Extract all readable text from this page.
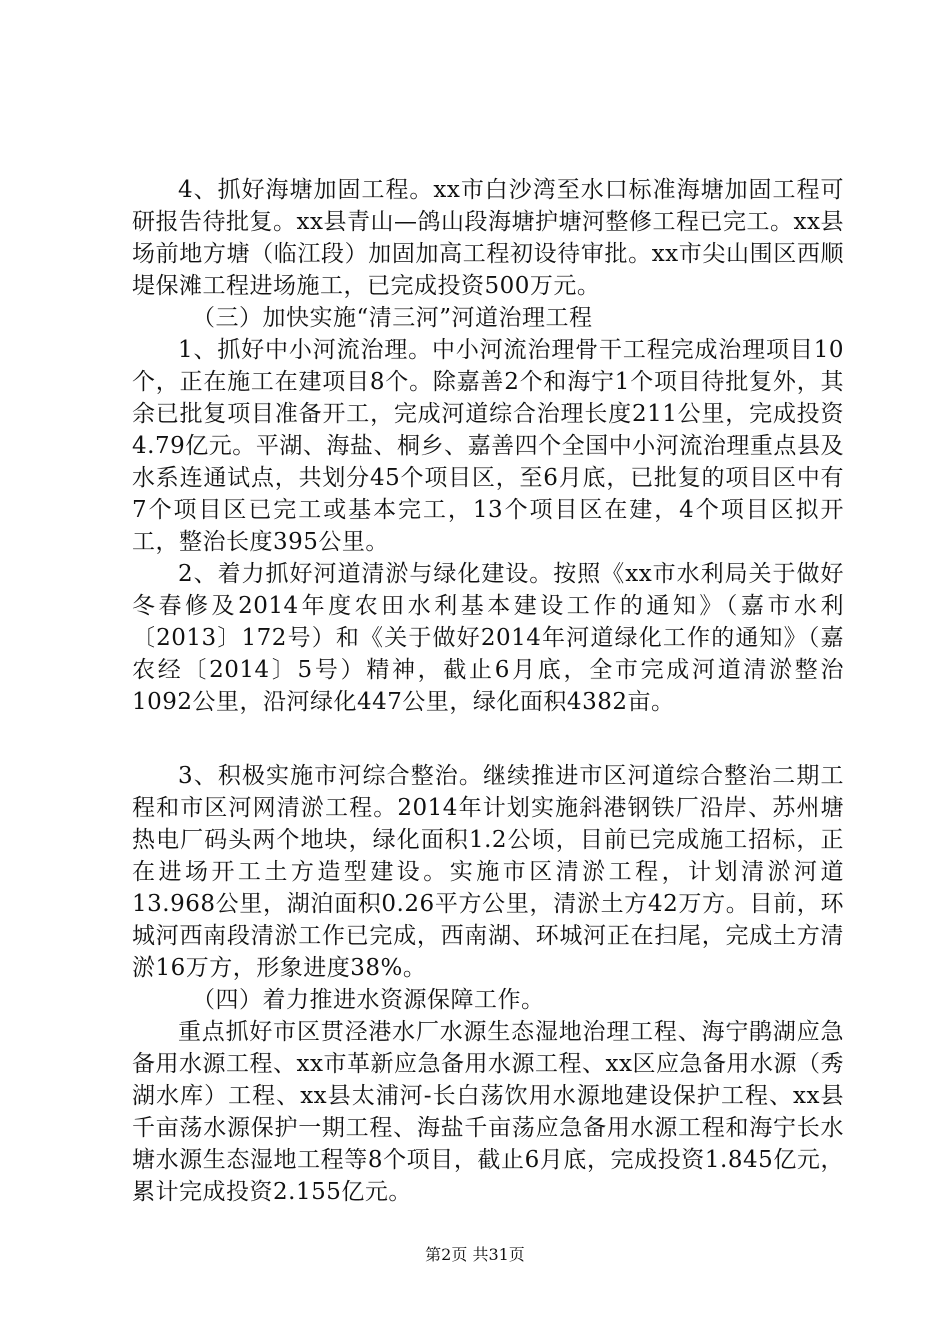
4、抓好海塘加固工程。xx市白沙湾至水口标准海塘加固工程可研报告待批复。xx县青山—鸽山段海塘护塘河整修工程已完工。xx县场前地方塘（临江段）加固加高工程初设待审批。xx市尖山围区西顺堤保滩工程进场施工，已完成投资500万元。

（三）加快实施“清三河”河道治理工程

1、抓好中小河流治理。中小河流治理骨干工程完成治理项目10个，正在施工在建项目8个。除嘉善2个和海宁1个项目待批复外，其余已批复项目准备开工，完成河道综合治理长度211公里，完成投资4.79亿元。平湖、海盐、桐乡、嘉善四个全国中小河流治理重点县及水系连通试点，共划分45个项目区，至6月底，已批复的项目区中有7个项目区已完工或基本完工，13个项目区在建，4个项目区拟开工，整治长度395公里。

2、着力抓好河道清淤与绿化建设。按照《xx市水利局关于做好冬春修及2014年度农田水利基本建设工作的通知》（嘉市水利〔2013〕172号）和《关于做好2014年河道绿化工作的通知》（嘉农经〔2014〕5号）精神，截止6月底，全市完成河道清淤整治1092公里，沿河绿化447公里，绿化面积4382亩。

3、积极实施市河综合整治。继续推进市区河道综合整治二期工程和市区河网清淤工程。2014年计划实施斜港钢铁厂沿岸、苏州塘热电厂码头两个地块，绿化面积1.2公顷，目前已完成施工招标，正在进场开工土方造型建设。实施市区清淤工程，计划清淤河道13.968公里，湖泊面积0.26平方公里，清淤土方42万方。目前，环城河西南段清淤工作已完成，西南湖、环城河正在扫尾，完成土方清淤16万方，形象进度38%。

（四）着力推进水资源保障工作。

重点抓好市区贯泾港水厂水源生态湿地治理工程、海宁鹃湖应急备用水源工程、xx市革新应急备用水源工程、xx区应急备用水源（秀湖水库）工程、xx县太浦河-长白荡饮用水源地建设保护工程、xx县千亩荡水源保护一期工程、海盐千亩荡应急备用水源工程和海宁长水塘水源生态湿地工程等8个项目，截止6月底，完成投资1.845亿元，累计完成投资2.155亿元。

第2页 共31页
